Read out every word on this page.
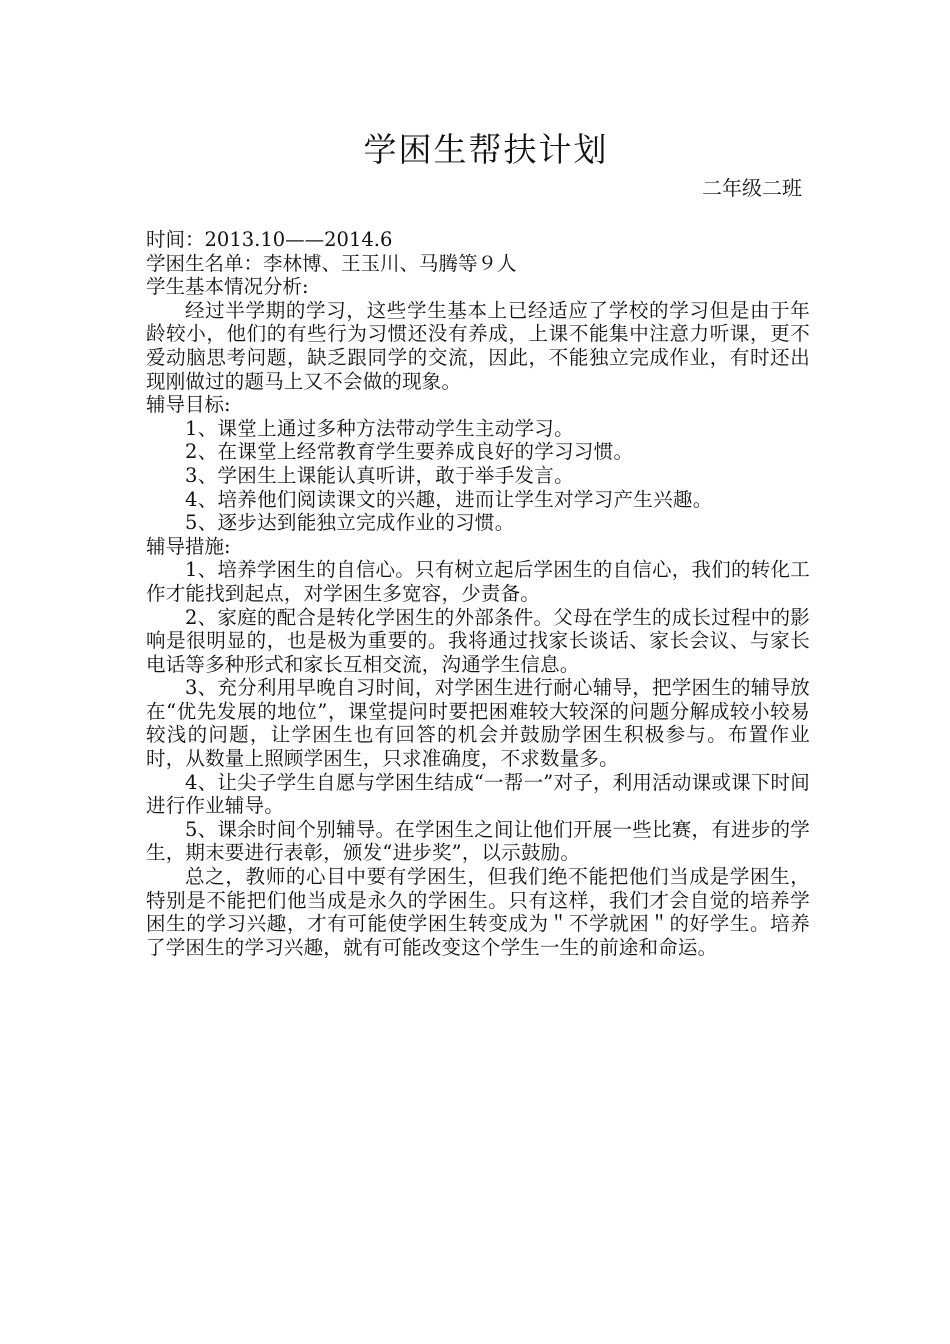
学困生帮扶计划
二年级二班

时间：2013.10——2014.6

学困生名单：李林博、王玉川、马腾等９人

学生基本情况分析:

经过半学期的学习，这些学生基本上已经适应了学校的学习但是由于年龄较小，他们的有些行为习惯还没有养成，上课不能集中注意力听课，更不爱动脑思考问题，缺乏跟同学的交流，因此，不能独立完成作业，有时还出现刚做过的题马上又不会做的现象。

辅导目标:

1、课堂上通过多种方法带动学生主动学习。
2、在课堂上经常教育学生要养成良好的学习习惯。
3、学困生上课能认真听讲，敢于举手发言。
4、培养他们阅读课文的兴趣，进而让学生对学习产生兴趣。
5、逐步达到能独立完成作业的习惯。

辅导措施:

1、培养学困生的自信心。只有树立起后学困生的自信心，我们的转化工作才能找到起点，对学困生多宽容，少责备。

2、家庭的配合是转化学困生的外部条件。父母在学生的成长过程中的影响是很明显的，也是极为重要的。我将通过找家长谈话、家长会议、与家长电话等多种形式和家长互相交流，沟通学生信息。

3、充分利用早晚自习时间，对学困生进行耐心辅导，把学困生的辅导放在“优先发展的地位”，课堂提问时要把困难较大较深的问题分解成较小较易较浅的问题，让学困生也有回答的机会并鼓励学困生积极参与。布置作业时，从数量上照顾学困生，只求准确度，不求数量多。

4、让尖子学生自愿与学困生结成“一帮一”对子，利用活动课或课下时间进行作业辅导。

5、课余时间个别辅导。在学困生之间让他们开展一些比赛，有进步的学生，期末要进行表彰，颁发“进步奖”，以示鼓励。

总之，教师的心目中要有学困生，但我们绝不能把他们当成是学困生，特别是不能把们他当成是永久的学困生。只有这样，我们才会自觉的培养学困生的学习兴趣，才有可能使学困生转变成为＂不学就困＂的好学生。培养了学困生的学习兴趣，就有可能改变这个学生一生的前途和命运。
